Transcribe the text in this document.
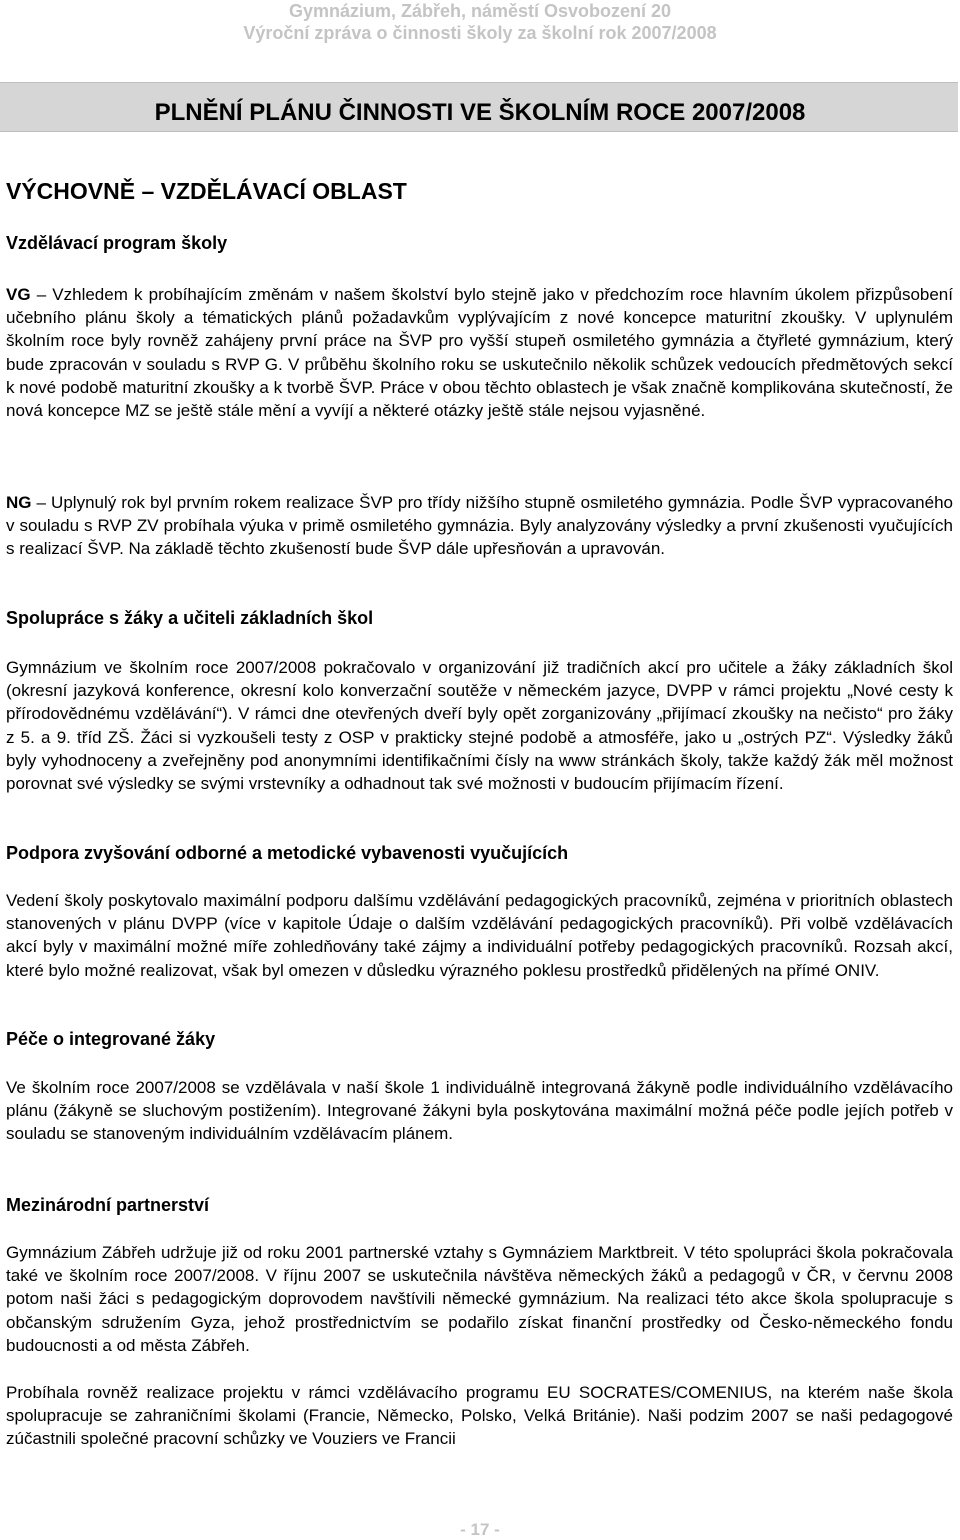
Gymnázium, Zábřeh, náměstí Osvobození 20
Výroční zpráva o činnosti školy za školní rok 2007/2008
PLNĚNÍ PLÁNU ČINNOSTI VE ŠKOLNÍM ROCE 2007/2008
VÝCHOVNĚ – VZDĚLÁVACÍ OBLAST
Vzdělávací program školy

VG – Vzhledem k probíhajícím změnám v našem školství bylo stejně jako v předchozím roce hlavním úkolem přizpůsobení učebního plánu školy a tématických plánů požadavkům vyplývajícím z nové koncepce maturitní zkoušky. V uplynulém školním roce byly rovněž zahájeny první práce na ŠVP pro vyšší stupeň osmiletého gymnázia a čtyřleté gymnázium, který bude zpracován v souladu s RVP G. V průběhu školního roku se uskutečnilo několik schůzek vedoucích předmětových sekcí k nové podobě maturitní zkoušky a k tvorbě ŠVP. Práce v obou těchto oblastech je však značně komplikována skutečností, že nová koncepce MZ se ještě stále mění a vyvíjí a některé otázky ještě stále nejsou vyjasněné.

NG – Uplynulý rok byl prvním rokem realizace ŠVP pro třídy nižšího stupně osmiletého gymnázia. Podle ŠVP vypracovaného v souladu s RVP ZV probíhala výuka v primě osmiletého gymnázia. Byly analyzovány výsledky a první zkušenosti vyučujících s realizací ŠVP. Na základě těchto zkušeností bude ŠVP dále upřesňován a upravován.

Spolupráce s žáky a učiteli základních škol

Gymnázium ve školním roce 2007/2008 pokračovalo v organizování již tradičních akcí pro učitele a žáky základních škol (okresní jazyková konference, okresní kolo konverzační soutěže v německém jazyce, DVPP v rámci projektu „Nové cesty k přírodovědnému vzdělávání“). V rámci dne otevřených dveří byly opět zorganizovány „přijímací zkoušky na nečisto“ pro žáky z 5. a 9. tříd ZŠ. Žáci si vyzkoušeli testy z OSP v prakticky stejné podobě a atmosféře, jako u „ostrých PZ“. Výsledky žáků byly vyhodnoceny a zveřejněny pod anonymními identifikačními čísly na www stránkách školy, takže každý žák měl možnost porovnat své výsledky se svými vrstevníky a odhadnout tak své možnosti v budoucím přijímacím řízení.

Podpora zvyšování odborné a metodické vybavenosti vyučujících

Vedení školy poskytovalo maximální podporu dalšímu vzdělávání pedagogických pracovníků, zejména v prioritních oblastech stanovených v plánu DVPP (více v kapitole Údaje o dalším vzdělávání pedagogických pracovníků). Při volbě vzdělávacích akcí byly v maximální možné míře zohledňovány také zájmy a individuální potřeby pedagogických pracovníků. Rozsah akcí, které bylo možné realizovat, však byl omezen v důsledku výrazného poklesu prostředků přidělených na přímé ONIV.

Péče o integrované žáky

Ve školním roce 2007/2008 se vzdělávala v naší škole 1 individuálně integrovaná žákyně podle individuálního vzdělávacího plánu (žákyně se sluchovým postižením). Integrované žákyni byla poskytována maximální možná péče podle jejích potřeb v souladu se stanoveným individuálním vzdělávacím plánem.

Mezinárodní partnerství

Gymnázium Zábřeh udržuje již od roku 2001 partnerské vztahy s Gymnáziem Marktbreit. V této spolupráci škola pokračovala také ve školním roce 2007/2008. V říjnu 2007 se uskutečnila návštěva německých žáků a pedagogů v ČR, v červnu 2008 potom naši žáci s pedagogickým doprovodem navštívili německé gymnázium. Na realizaci této akce škola spolupracuje s občanským sdružením Gyza, jehož prostřednictvím se podařilo získat finanční prostředky od Česko-německého fondu budoucnosti a od města Zábřeh.

Probíhala rovněž realizace projektu v rámci vzdělávacího programu EU SOCRATES/COMENIUS, na kterém naše škola spolupracuje se zahraničními školami (Francie, Německo, Polsko, Velká Británie). Naši podzim 2007 se naši pedagogové zúčastnili společné pracovní schůzky ve Vouziers ve Francii

- 17 -
